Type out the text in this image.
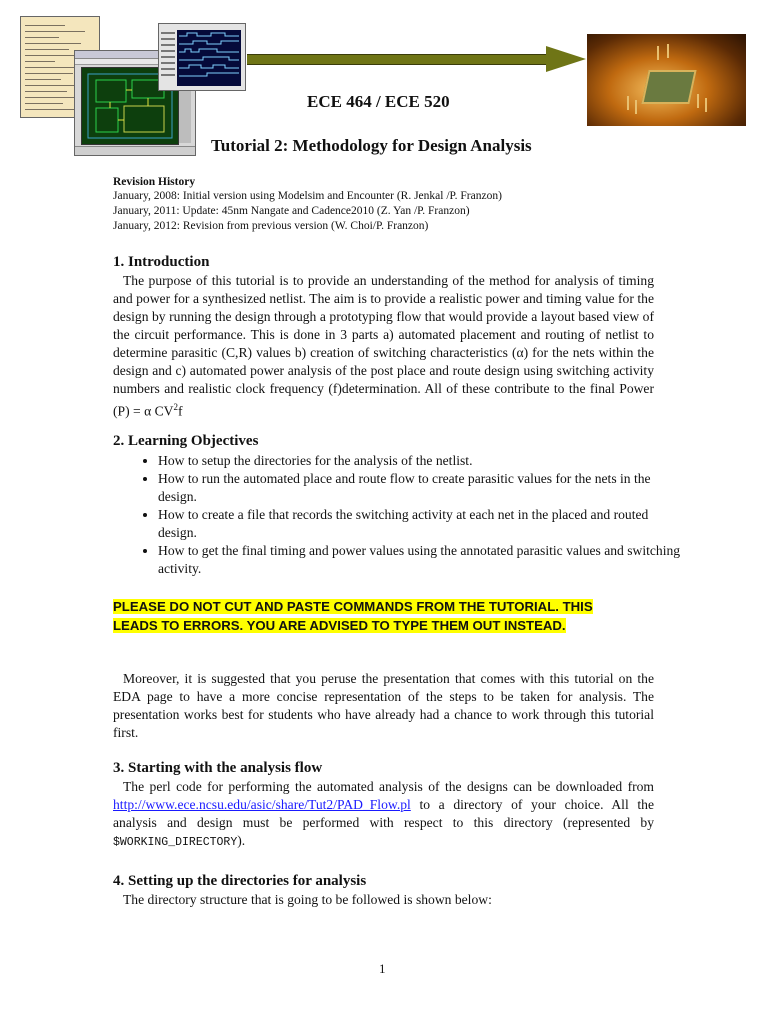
ECE 464 / ECE 520
Tutorial 2: Methodology for Design Analysis
Revision History
January, 2008: Initial version using Modelsim and Encounter (R. Jenkal /P. Franzon)
January, 2011: Update: 45nm Nangate and Cadence2010 (Z. Yan /P. Franzon)
January, 2012: Revision from previous version (W. Choi/P. Franzon)
1. Introduction
The purpose of this tutorial is to provide an understanding of the method for analysis of timing and power for a synthesized netlist. The aim is to provide a realistic power and timing value for the design by running the design through a prototyping flow that would provide a layout based view of the circuit performance. This is done in 3 parts a) automated placement and routing of netlist to determine parasitic (C,R) values b) creation of switching characteristics (α) for the nets within the design and c) automated power analysis of the post place and route design using switching activity numbers and realistic clock frequency (f)determination. All of these contribute to the final Power (P) = α $CV^2f$
2. Learning Objectives
• How to setup the directories for the analysis of the netlist.
• How to run the automated place and route flow to create parasitic values for the nets in the design.
• How to create a file that records the switching activity at each net in the placed and routed design.
• How to get the final timing and power values using the annotated parasitic values and switching activity.
PLEASE DO NOT CUT AND PASTE COMMANDS FROM THE TUTORIAL. THIS LEADS TO ERRORS. YOU ARE ADVISED TO TYPE THEM OUT INSTEAD.
Moreover, it is suggested that you peruse the presentation that comes with this tutorial on the EDA page to have a more concise representation of the steps to be taken for analysis. The presentation works best for students who have already had a chance to work through this tutorial first.
3. Starting with the analysis flow
The perl code for performing the automated analysis of the designs can be downloaded from http://www.ece.ncsu.edu/asic/share/Tut2/PAD_Flow.pl to a directory of your choice. All the analysis and design must be performed with respect to this directory (represented by $WORKING_DIRECTORY).
4. Setting up the directories for analysis
The directory structure that is going to be followed is shown below:
1
